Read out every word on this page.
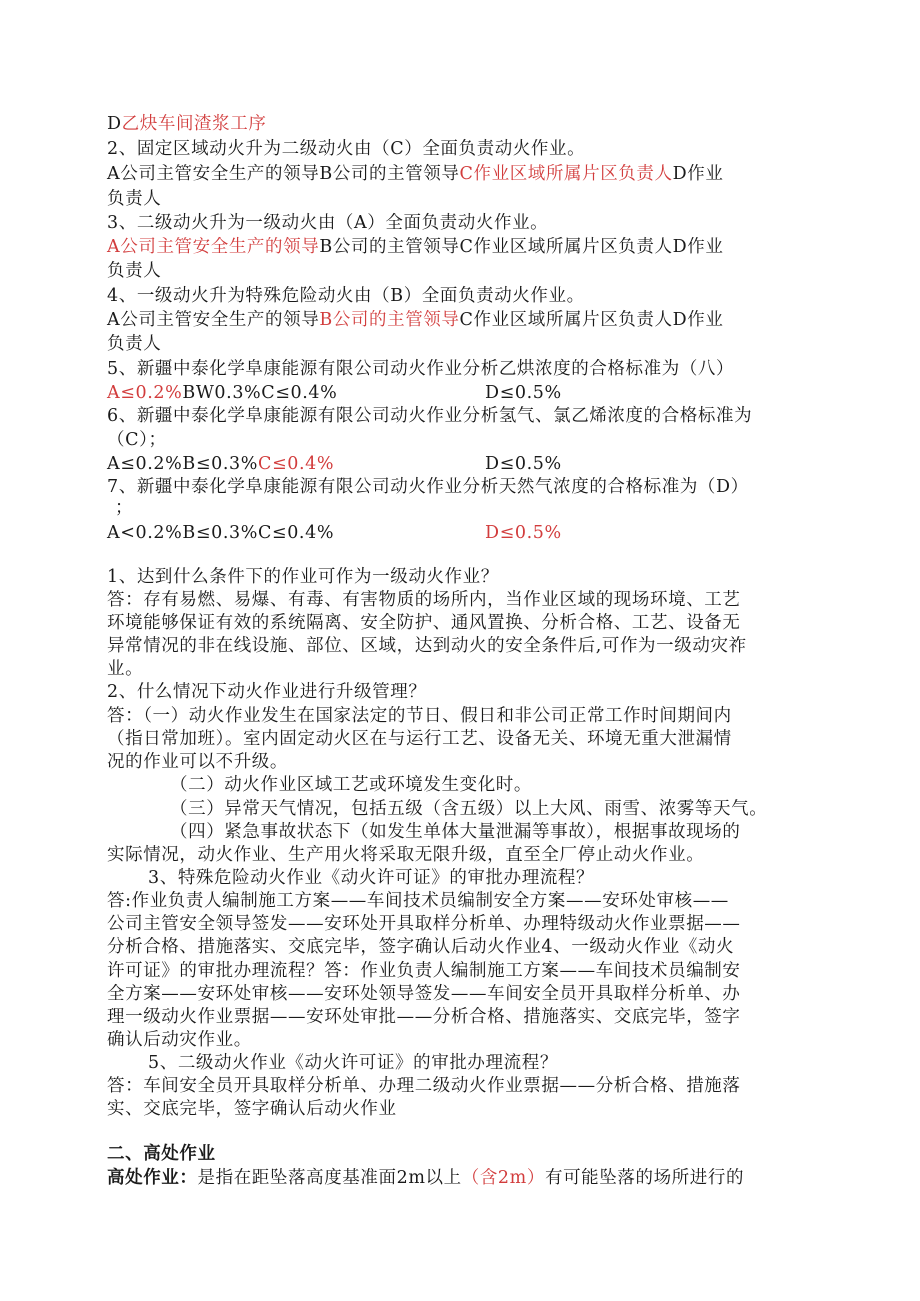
D乙炔车间渣浆工序
2、固定区域动火升为二级动火由（C）全面负责动火作业。
A公司主管安全生产的领导B公司的主管领导C作业区域所属片区负责人D作业
负责人
3、二级动火升为一级动火由（A）全面负责动火作业。
A公司主管安全生产的领导B公司的主管领导C作业区域所属片区负责人D作业
负责人
4、一级动火升为特殊危险动火由（B）全面负责动火作业。
A公司主管安全生产的领导B公司的主管领导C作业区域所属片区负责人D作业
负责人
5、新疆中泰化学阜康能源有限公司动火作业分析乙烘浓度的合格标准为（八）
A≤0.2%BW0.3%C≤0.4%	D≤0.5%
6、新疆中泰化学阜康能源有限公司动火作业分析氢气、氯乙烯浓度的合格标准为
（C）；
A≤0.2%B≤0.3%C≤0.4%	D≤0.5%
7、新疆中泰化学阜康能源有限公司动火作业分析天然气浓度的合格标准为（D）
；
A<0.2%B≤0.3%C≤0.4%	D≤0.5%
1、达到什么条件下的作业可作为一级动火作业？
答：存有易燃、易爆、有毒、有害物质的场所内，当作业区域的现场环境、工艺
环境能够保证有效的系统隔离、安全防护、通风置换、分析合格、工艺、设备无
异常情况的非在线设施、部位、区域，达到动火的安全条件后,可作为一级动灾祚
业。
2、什么情况下动火作业进行升级管理？
答：（一）动火作业发生在国家法定的节日、假日和非公司正常工作时间期间内
（指日常加班）。室内固定动火区在与运行工艺、设备无关、环境无重大泄漏情
况的作业可以不升级。
（二）动火作业区域工艺或环境发生变化时。
（三）异常天气情况，包括五级（含五级）以上大风、雨雪、浓雾等天气。
（四）紧急事故状态下（如发生单体大量泄漏等事故），根据事故现场的
实际情况，动火作业、生产用火将采取无限升级，直至全厂停止动火作业。
3、特殊危险动火作业《动火许可证》的审批办理流程？
答:作业负责人编制施工方案——车间技术员编制安全方案——安环处审核——
公司主管安全领导签发——安环处开具取样分析单、办理特级动火作业票据——
分析合格、措施落实、交底完毕，签字确认后动火作业4、一级动火作业《动火
许可证》的审批办理流程？答：作业负责人编制施工方案——车间技术员编制安
全方案——安环处审核——安环处领导签发——车间安全员开具取样分析单、办
理一级动火作业票据——安环处审批——分析合格、措施落实、交底完毕，签字
确认后动灾作业。
5、二级动火作业《动火许可证》的审批办理流程？
答：车间安全员开具取样分析单、办理二级动火作业票据——分析合格、措施落
实、交底完毕，签字确认后动火作业
二、高处作业
高处作业：是指在距坠落高度基准面2m以上（含2m）有可能坠落的场所进行的
